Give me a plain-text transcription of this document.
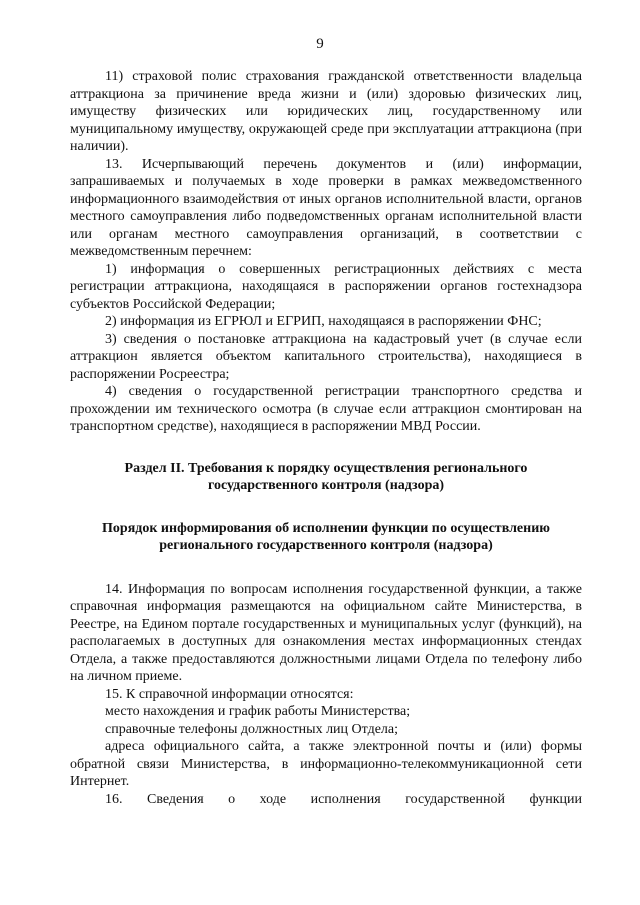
9

11) страховой полис страхования гражданской ответственности владельца аттракциона за причинение вреда жизни и (или) здоровью физических лиц, имуществу физических или юридических лиц, государственному или муниципальному имуществу, окружающей среде при эксплуатации аттракциона (при наличии).

13. Исчерпывающий перечень документов и (или) информации, запрашиваемых и получаемых в ходе проверки в рамках межведомственного информационного взаимодействия от иных органов исполнительной власти, органов местного самоуправления либо подведомственных органам исполнительной власти или органам местного самоуправления организаций, в соответствии с межведомственным перечнем:

1) информация о совершенных регистрационных действиях с места регистрации аттракциона, находящаяся в распоряжении органов гостехнадзора субъектов Российской Федерации;

2) информация из ЕГРЮЛ и ЕГРИП, находящаяся в распоряжении ФНС;

3) сведения о постановке аттракциона на кадастровый учет (в случае если аттракцион является объектом капитального строительства), находящиеся в распоряжении Росреестра;

4) сведения о государственной регистрации транспортного средства и прохождении им технического осмотра (в случае если аттракцион смонтирован на транспортном средстве), находящиеся в распоряжении МВД России.

Раздел II. Требования к порядку осуществления регионального государственного контроля (надзора)

Порядок информирования об исполнении функции по осуществлению регионального государственного контроля (надзора)

14. Информация по вопросам исполнения государственной функции, а также справочная информация размещаются на официальном сайте Министерства, в Реестре, на Едином портале государственных и муниципальных услуг (функций), на располагаемых в доступных для ознакомления местах информационных стендах Отдела, а также предоставляются должностными лицами Отдела по телефону либо на личном приеме.

15. К справочной информации относятся:

место нахождения и график работы Министерства;

справочные телефоны должностных лиц Отдела;

адреса официального сайта, а также электронной почты и (или) формы обратной связи Министерства, в информационно-телекоммуникационной сети Интернет.

16. Сведения о ходе исполнения государственной функции
